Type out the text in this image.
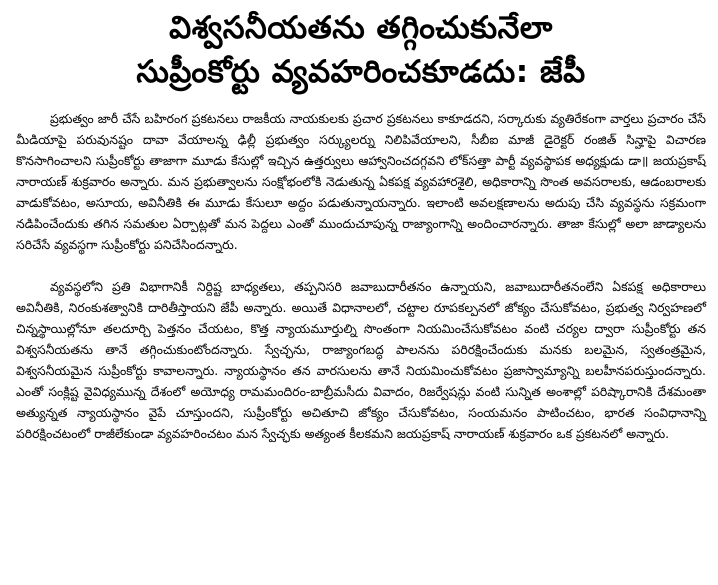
విశ్వసనీయతను తగ్గించుకునేలా
సుప్రీంకోర్టు వ్యవహరించకూడదు: జేపీ

ప్రభుత్వం జారీ చేసే బహిరంగ ప్రకటనలు రాజకీయ నాయకులకు ప్రచార ప్రకటనలు కాకూడదని, సర్కారుకు వ్యతిరేకంగా వార్తలు ప్రచారం చేసే మీడియాపై పరువునష్టం దావా వేయాలన్న ఢిల్లీ ప్రభుత్వం సర్క్యులర్ను నిలిపివేయాలని, సీబీఐ మాజీ డైరెక్టర్ రంజిత్ సిన్హాపై విచారణ కొనసాగించాలని సుప్రీంకోర్టు తాజాగా మూడు కేసుల్లో ఇచ్చిన ఉత్తర్వులు ఆహ్వానించదగ్గవని లోక్‌సత్తా పార్టీ వ్యవస్థాపక అధ్యక్షుడు డా॥ జయప్రకాష్ నారాయణ్ శుక్రవారం అన్నారు. మన ప్రభుత్వాలను సంక్షోభంలోకి నెడుతున్న ఏకపక్ష వ్యవహారశైలి, అధికారాన్ని సొంత అవసరాలకు, ఆడంబరాలకు వాడుకోవటం, అసూయ, అవినీతికి ఈ మూడు కేసులూ అద్దం పడుతున్నాయన్నారు. ఇలాంటి అవలక్షణాలను అదుపు చేసి వ్యవస్థను సక్రమంగా నడిపించేందుకు తగిన సమతుల ఏర్పాట్లతో మన పెద్దలు ఎంతో ముందుచూపున్న రాజ్యాంగాన్ని అందించారన్నారు. తాజా కేసుల్లో అలా జాడ్యాలను సరిచేసే వ్యవస్థగా సుప్రీంకోర్టు పనిచేసిందన్నారు.

వ్యవస్థలోని ప్రతి విభాగానికీ నిర్దిష్ట బాధ్యతలు, తప్పనిసరి జవాబుదారీతనం ఉన్నాయని, జవాబుదారీతనంలేని ఏకపక్ష అధికారాలు అవినీతికి, నిరంకుశత్వానికి దారితీస్తాయని జేపీ అన్నారు. అయితే విధానాలలో, చట్టాల రూపకల్పనలో జోక్యం చేసుకోవటం, ప్రభుత్వ నిర్వహణలో చిన్నస్థాయిల్లోనూ తలదూర్చి పెత్తనం చేయటం, కొత్త న్యాయమూర్తుల్ని సొంతంగా నియమించేసుకోవటం వంటి చర్యల ద్వారా సుప్రీంకోర్టు తన విశ్వసనీయతను తానే తగ్గించుకుంటోందన్నారు. స్వేచ్ఛను, రాజ్యాంగబద్ధ పాలనను పరిరక్షించేందుకు మనకు బలమైన, స్వతంత్రమైన, విశ్వసనీయమైన సుప్రీంకోర్టు కావాలన్నారు. న్యాయస్థానం తన వారసులను తానే నియమించుకోవటం ప్రజాస్వామ్యాన్ని బలహీనపరుస్తుందన్నారు. ఎంతో సంక్లిష్ట వైవిధ్యమున్న దేశంలో అయోధ్య రామమందిరం-బాబ్రీమసీదు వివాదం, రిజర్వేషన్లు వంటి సున్నిత అంశాల్లో పరిష్కారానికి దేశమంతా అత్యున్నత న్యాయస్థానం వైపే చూస్తుందని, సుప్రీంకోర్టు అచితూచి జోక్యం చేసుకోవటం, సంయమనం పాటించటం, భారత సంవిధానాన్ని పరిరక్షించటంలో రాజీలేకుండా వ్యవహరించటం మన స్వేచ్ఛకు అత్యంత కీలకమని జయప్రకాష్ నారాయణ్ శుక్రవారం ఒక ప్రకటనలో అన్నారు.
